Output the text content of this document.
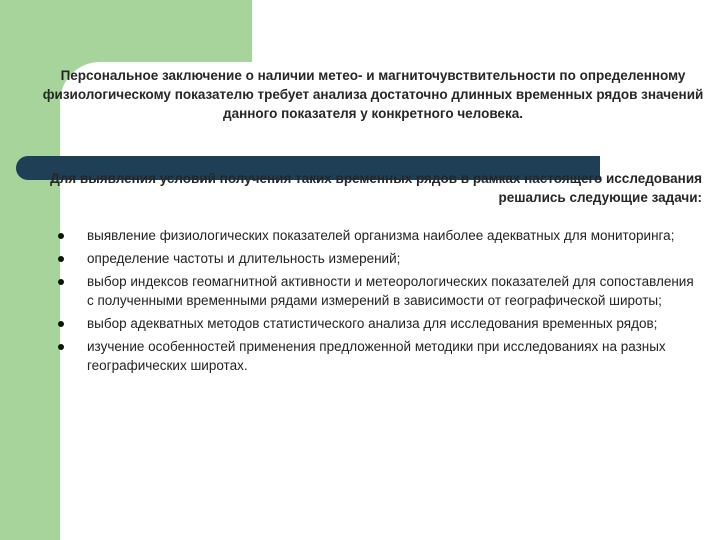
Персональное заключение о наличии метео- и магниточувствительности по определенному физиологическому показателю требует анализа достаточно длинных временных рядов значений данного показателя у конкретного человека.

Для выявления условий получения таких временных рядов в рамках настоящего исследования решались следующие задачи:

выявление физиологических показателей организма наиболее адекватных для мониторинга;
определение частоты и длительность измерений;
выбор индексов геомагнитной активности и метеорологических показателей для сопоставления с полученными временными рядами измерений в зависимости от географической широты;
выбор адекватных методов статистического анализа для исследования временных рядов;
изучение особенностей применения предложенной методики при исследованиях на разных географических широтах.
